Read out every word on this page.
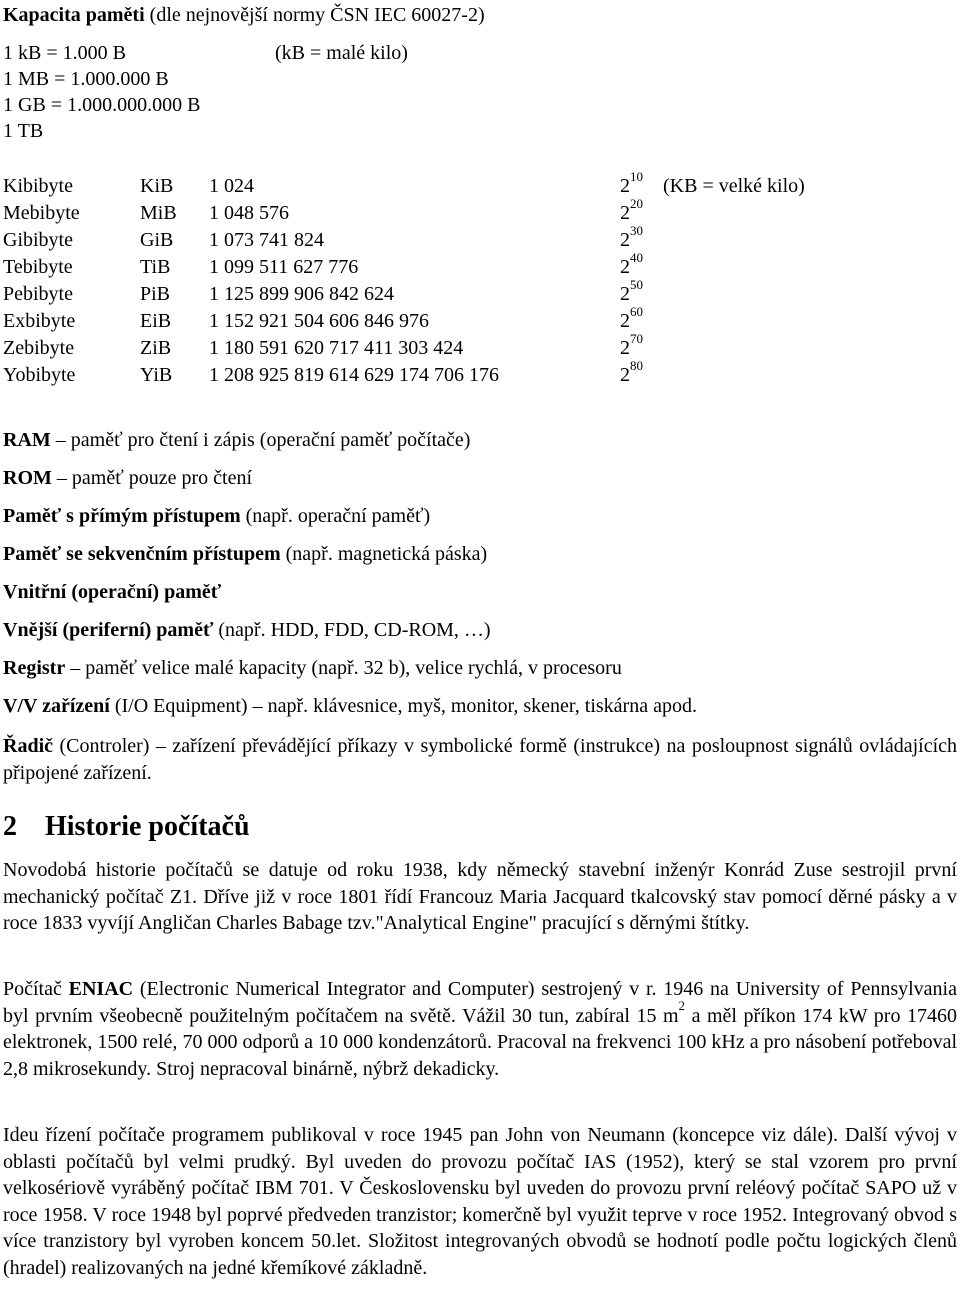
Kapacita paměti (dle nejnovější normy ČSN IEC 60027-2)
1 kB = 1.000 B	(kB = malé kilo)
1 MB = 1.000.000 B
1 GB = 1.000.000.000 B
1 TB
Kibibyte	KiB 1 024	$2^{10}$ (KB = velké kilo)
Mebibyte	MiB 1 048 576	$2^{20}$
Gibibyte	GiB 1 073 741 824	$2^{30}$
Tebibyte	TiB 1 099 511 627 776	$2^{40}$
Pebibyte	PiB 1 125 899 906 842 624	$2^{50}$
Exbibyte	EiB 1 152 921 504 606 846 976	$2^{60}$
Zebibyte	ZiB 1 180 591 620 717 411 303 424	$2^{70}$
Yobibyte	YiB 1 208 925 819 614 629 174 706 176	$2^{80}$
RAM – paměť pro čtení i zápis (operační paměť počítače)
ROM – paměť pouze pro čtení
Paměť s přímým přístupem (např. operační paměť)
Paměť se sekvenčním přístupem (např. magnetická páska)
Vnitřní (operační) paměť
Vnější (periferní) paměť (např. HDD, FDD, CD-ROM, …)
Registr – paměť velice malé kapacity (např. 32 b), velice rychlá, v procesoru
V/V zařízení (I/O Equipment) – např. klávesnice, myš, monitor, skener, tiskárna apod.
Řadič (Controler) – zařízení převádějící příkazy v symbolické formě (instrukce) na posloupnost signálů ovládajících připojené zařízení.
2 Historie počítačů
Novodobá historie počítačů se datuje od roku 1938, kdy německý stavební inženýr Konrád Zuse sestrojil první mechanický počítač Z1. Dříve již v roce 1801 řídí Francouz Maria Jacquard tkalcovský stav pomocí děrné pásky a v roce 1833 vyvíjí Angličan Charles Babage tzv."Analytical Engine" pracující s děrnými štítky.
Počítač ENIAC (Electronic Numerical Integrator and Computer) sestrojený v r. 1946 na University of Pennsylvania byl prvním všeobecně použitelným počítačem na světě. Vážil 30 tun, zabíral 15 $m^2$ a měl příkon 174 kW pro 17460 elektronek, 1500 relé, 70 000 odporů a 10 000 kondenzátorů. Pracoval na frekvenci 100 kHz a pro násobení potřeboval 2,8 mikrosekundy. Stroj nepracoval binárně, nýbrž dekadicky.
Ideu řízení počítače programem publikoval v roce 1945 pan John von Neumann (koncepce viz dále). Další vývoj v oblasti počítačů byl velmi prudký. Byl uveden do provozu počítač IAS (1952), který se stal vzorem pro první velkosériově vyráběný počítač IBM 701. V Československu byl uveden do provozu první reléový počítač SAPO už v roce 1958. V roce 1948 byl poprvé předveden tranzistor; komerčně byl využit teprve v roce 1952. Integrovaný obvod s více tranzistory byl vyroben koncem 50.let. Složitost integrovaných obvodů se hodnotí podle počtu logických členů (hradel) realizovaných na jedné křemíkové základně.
